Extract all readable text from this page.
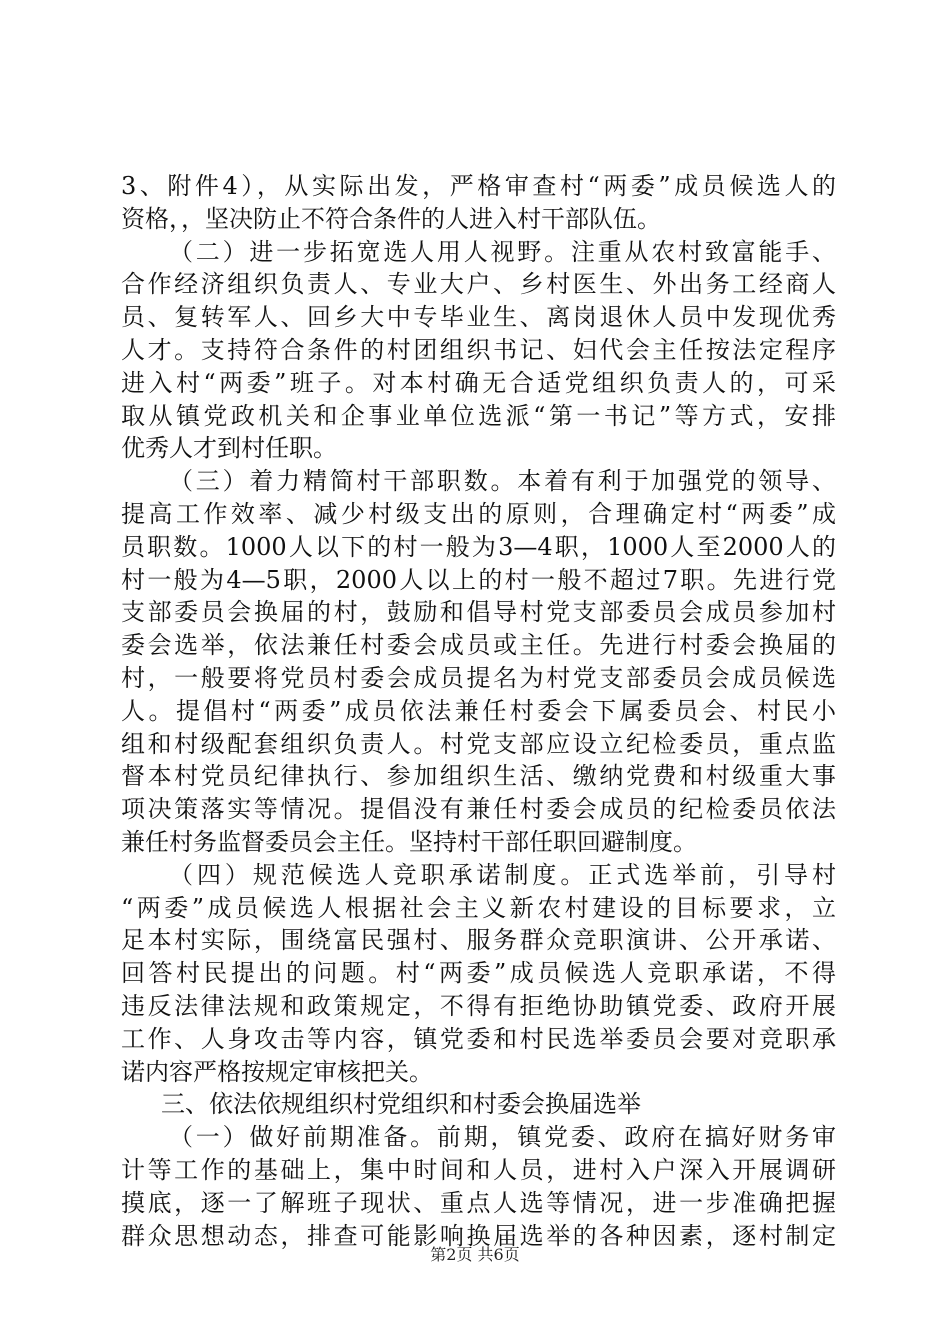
3、附件4），从实际出发，严格审查村“两委”成员候选人的
资格，，坚决防止不符合条件的人进入村干部队伍。
（二）进一步拓宽选人用人视野。注重从农村致富能手、
合作经济组织负责人、专业大户、乡村医生、外出务工经商人
员、复转军人、回乡大中专毕业生、离岗退休人员中发现优秀
人才。支持符合条件的村团组织书记、妇代会主任按法定程序
进入村“两委”班子。对本村确无合适党组织负责人的，可采
取从镇党政机关和企事业单位选派“第一书记”等方式，安排
优秀人才到村任职。
（三）着力精简村干部职数。本着有利于加强党的领导、
提高工作效率、减少村级支出的原则，合理确定村“两委”成
员职数。1000人以下的村一般为3—4职，1000人至2000人的
村一般为4—5职，2000人以上的村一般不超过7职。先进行党
支部委员会换届的村，鼓励和倡导村党支部委员会成员参加村
委会选举，依法兼任村委会成员或主任。先进行村委会换届的
村，一般要将党员村委会成员提名为村党支部委员会成员候选
人。提倡村“两委”成员依法兼任村委会下属委员会、村民小
组和村级配套组织负责人。村党支部应设立纪检委员，重点监
督本村党员纪律执行、参加组织生活、缴纳党费和村级重大事
项决策落实等情况。提倡没有兼任村委会成员的纪检委员依法
兼任村务监督委员会主任。坚持村干部任职回避制度。
（四）规范候选人竞职承诺制度。正式选举前，引导村
“两委”成员候选人根据社会主义新农村建设的目标要求，立
足本村实际，围绕富民强村、服务群众竞职演讲、公开承诺、
回答村民提出的问题。村“两委”成员候选人竞职承诺，不得
违反法律法规和政策规定，不得有拒绝协助镇党委、政府开展
工作、人身攻击等内容，镇党委和村民选举委员会要对竞职承
诺内容严格按规定审核把关。
三、依法依规组织村党组织和村委会换届选举
（一）做好前期准备。前期，镇党委、政府在搞好财务审
计等工作的基础上，集中时间和人员，进村入户深入开展调研
摸底，逐一了解班子现状、重点人选等情况，进一步准确把握
群众思想动态，排查可能影响换届选举的各种因素，逐村制定
第2页 共6页
